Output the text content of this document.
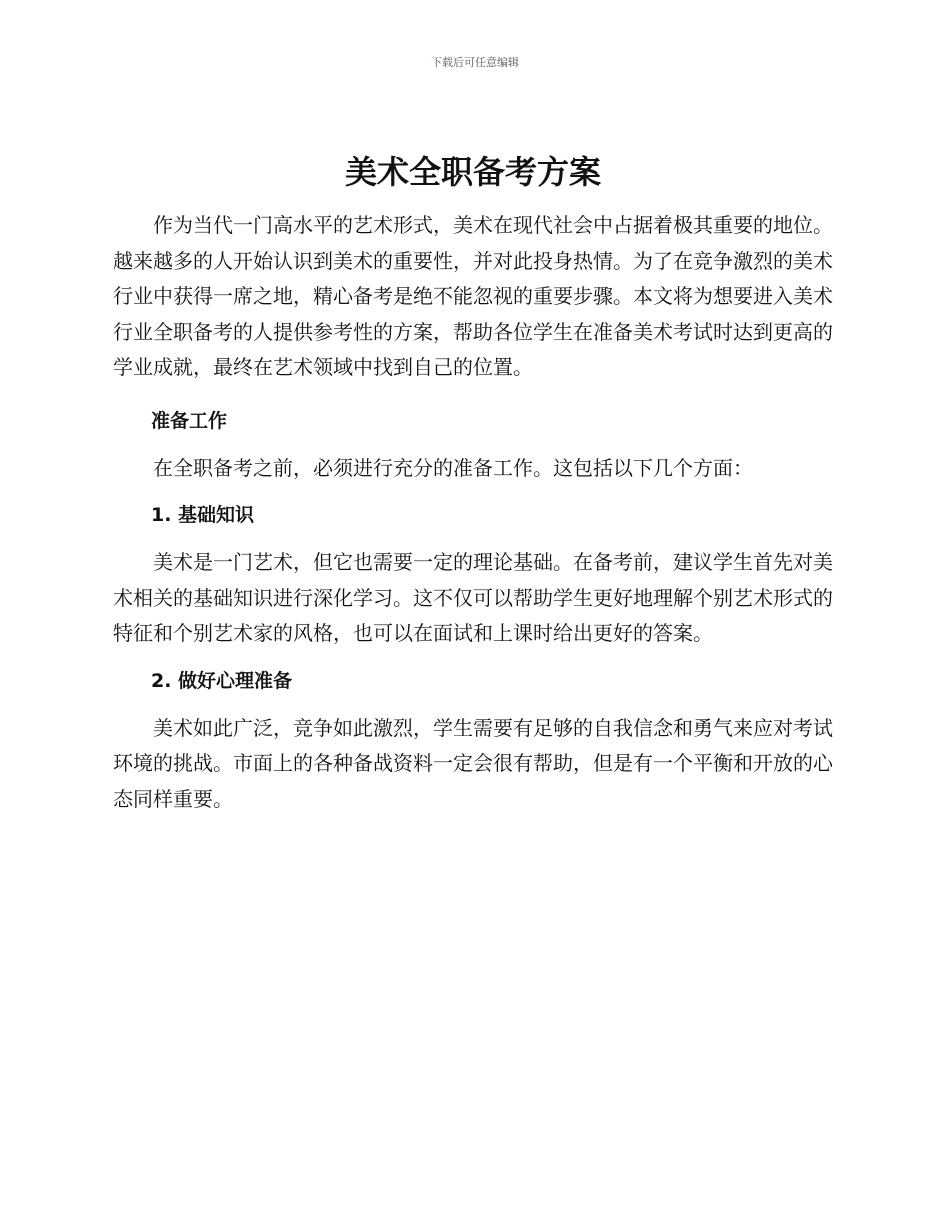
下载后可任意编辑
美术全职备考方案

作为当代一门高水平的艺术形式，美术在现代社会中占据着极其重要的地位。越来越多的人开始认识到美术的重要性，并对此投身热情。为了在竞争激烈的美术行业中获得一席之地，精心备考是绝不能忽视的重要步骤。本文将为想要进入美术行业全职备考的人提供参考性的方案，帮助各位学生在准备美术考试时达到更高的学业成就，最终在艺术领域中找到自己的位置。

准备工作

在全职备考之前，必须进行充分的准备工作。这包括以下几个方面：

1. 基础知识

美术是一门艺术，但它也需要一定的理论基础。在备考前，建议学生首先对美术相关的基础知识进行深化学习。这不仅可以帮助学生更好地理解个别艺术形式的特征和个别艺术家的风格，也可以在面试和上课时给出更好的答案。

2. 做好心理准备

美术如此广泛，竞争如此激烈，学生需要有足够的自我信念和勇气来应对考试环境的挑战。市面上的各种备战资料一定会很有帮助，但是有一个平衡和开放的心态同样重要。
